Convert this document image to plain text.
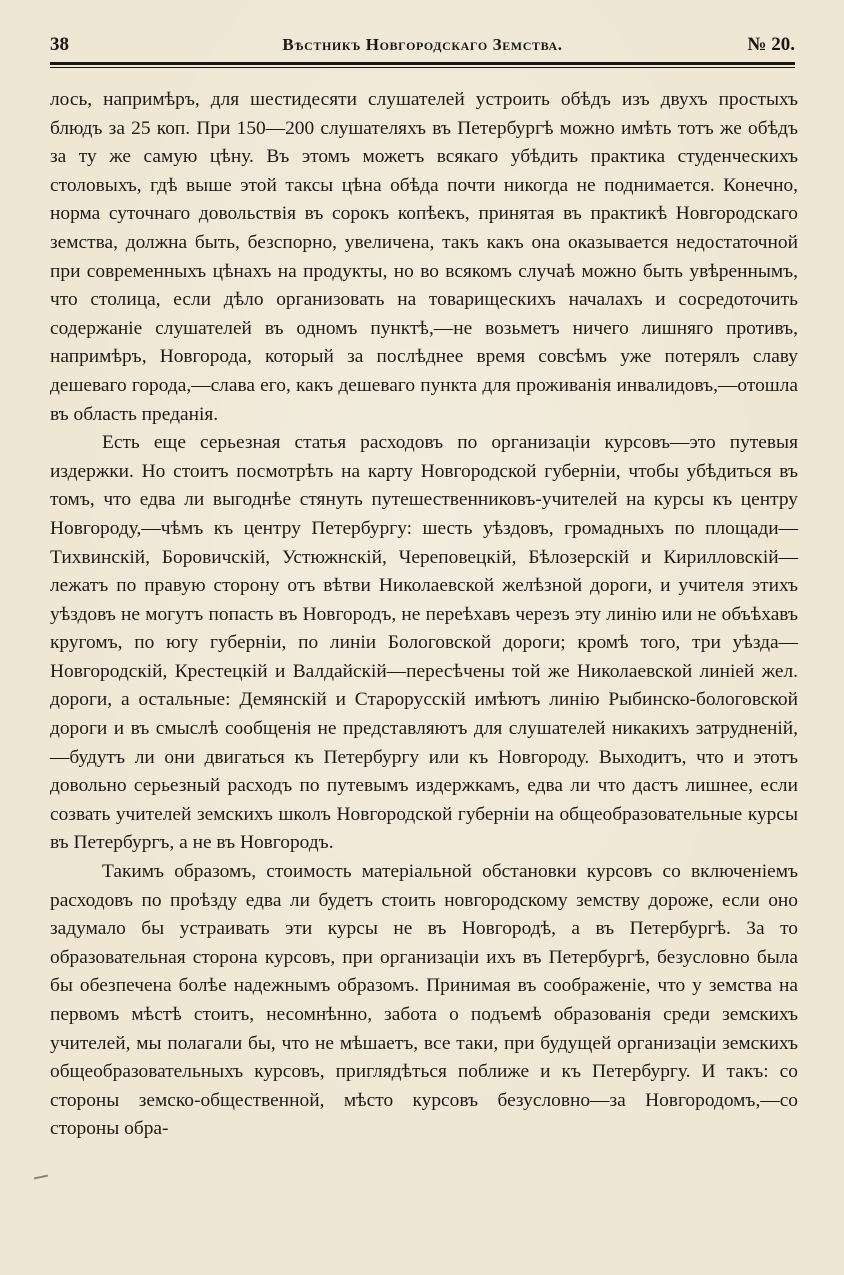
38	Вѣстникъ Новгородскаго Земства.	№ 20.

лось, напримѣръ, для шестидесяти слушателей устроить обѣдъ изъ двухъ простыхъ блюдъ за 25 коп. При 150—200 слушателяхъ въ Петербургѣ можно имѣть тотъ же обѣдъ за ту же самую цѣну. Въ этомъ можетъ всякаго убѣдить практика студенческихъ столовыхъ, гдѣ выше этой таксы цѣна обѣда почти никогда не поднимается. Конечно, норма суточнаго довольствія въ сорокъ копѣекъ, принятая въ практикѣ Новгородскаго земства, должна быть, безспорно, увеличена, такъ какъ она оказывается недостаточной при современныхъ цѣнахъ на продукты, но во всякомъ случаѣ можно быть увѣреннымъ, что столица, если дѣло организовать на товарищескихъ началахъ и сосредоточить содержаніе слушателей въ одномъ пунктѣ,—не возьметъ ничего лишняго противъ, напримѣръ, Новгорода, который за послѣднее время совсѣмъ уже потерялъ славу дешеваго города,—слава его, какъ дешеваго пункта для проживанія инвалидовъ,—отошла въ область преданія.

Есть еще серьезная статья расходовъ по организаціи курсовъ—это путевыя издержки. Но стоитъ посмотрѣть на карту Новгородской губерніи, чтобы убѣдиться въ томъ, что едва ли выгоднѣе стянуть путешественниковъ-учителей на курсы къ центру Новгороду,—чѣмъ къ центру Петербургу: шесть уѣздовъ, громадныхъ по площади—Тихвинскій, Боровичскій, Устюжнскій, Череповецкій, Бѣлозерскій и Кирилловскій—лежатъ по правую сторону отъ вѣтви Николаевской желѣзной дороги, и учителя этихъ уѣздовъ не могутъ попасть въ Новгородъ, не переѣхавъ черезъ эту линію или не объѣхавъ кругомъ, по югу губерніи, по линіи Бологовской дороги; кромѣ того, три уѣзда—Новгородскій, Крестецкій и Валдайскій—пересѣчены той же Николаевской линіей жел. дороги, а остальные: Демянскій и Старорусскій имѣютъ линію Рыбинско-бологовской дороги и въ смыслѣ сообщенія не представляютъ для слушателей никакихъ затрудненій,—будутъ ли они двигаться къ Петербургу или къ Новгороду. Выходитъ, что и этотъ довольно серьезный расходъ по путевымъ издержкамъ, едва ли что дастъ лишнее, если созвать учителей земскихъ школъ Новгородской губерніи на общеобразовательные курсы въ Петербургъ, а не въ Новгородъ.

Такимъ образомъ, стоимость матеріальной обстановки курсовъ со включеніемъ расходовъ по проѣзду едва ли будетъ стоить новгородскому земству дороже, если оно задумало бы устраивать эти курсы не въ Новгородѣ, а въ Петербургѣ. За то образовательная сторона курсовъ, при организаціи ихъ въ Петербургѣ, безусловно была бы обезпечена болѣе надежнымъ образомъ. Принимая въ соображеніе, что у земства на первомъ мѣстѣ стоитъ, несомнѣнно, забота о подъемѣ образованія среди земскихъ учителей, мы полагали бы, что не мѣшаетъ, все таки, при будущей организаціи земскихъ общеобразовательныхъ курсовъ, приглядѣться поближе и къ Петербургу. И такъ: со стороны земско-общественной, мѣсто курсовъ безусловно—за Новгородомъ,—со стороны обра-
